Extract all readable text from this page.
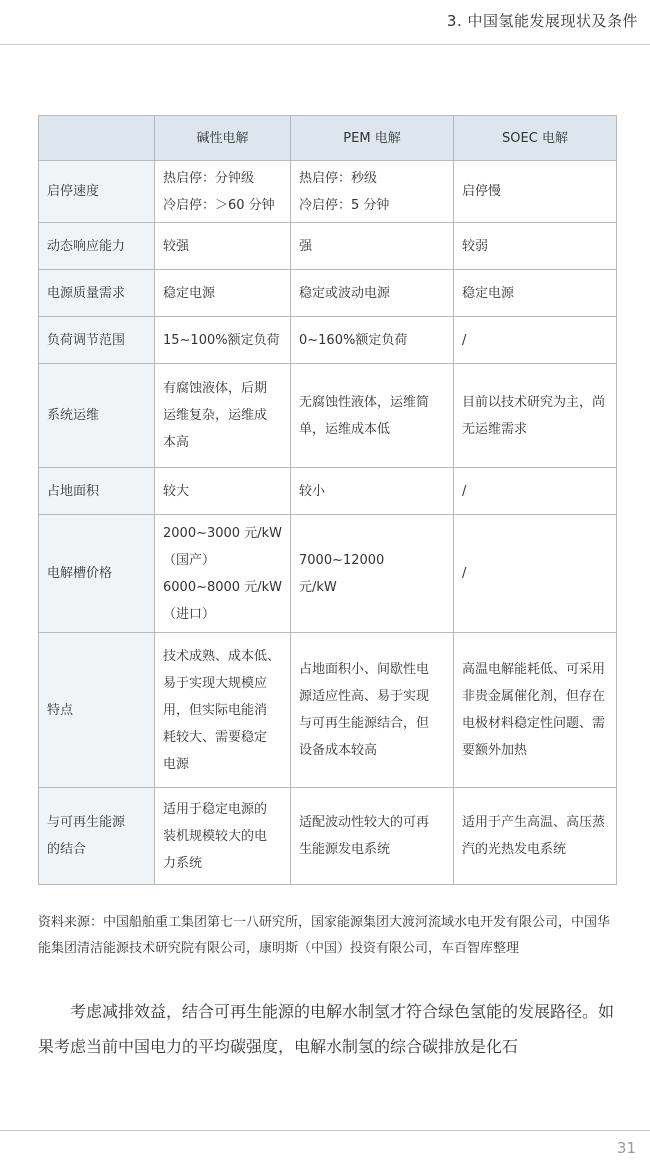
3. 中国氢能发展现状及条件
	碱性电解	PEM 电解	SOEC 电解

启停速度	热启停：分钟级
冷启停：＞60 分钟	热启停：秒级
冷启停：5 分钟	启停慢

动态响应能力	较强	强	较弱

电源质量需求	稳定电源	稳定或波动电源	稳定电源

负荷调节范围	15~100%额定负荷	0~160%额定负荷	/

系统运维	有腐蚀液体，后期
运维复杂，运维成
本高	无腐蚀性液体，运维简
单，运维成本低	目前以技术研究为主，尚
无运维需求

占地面积	较大	较小	/

电解槽价格	2000~3000 元/kW
（国产）
6000~8000 元/kW
（进口）	7000~12000
元/kW	/

特点	技术成熟、成本低、
易于实现大规模应
用，但实际电能消
耗较大、需要稳定
电源	占地面积小、间歇性电
源适应性高、易于实现
与可再生能源结合，但
设备成本较高	高温电解能耗低、可采用
非贵金属催化剂，但存在
电极材料稳定性问题、需
要额外加热

与可再生能源
的结合	适用于稳定电源的
装机规模较大的电
力系统	适配波动性较大的可再
生能源发电系统	适用于产生高温、高压蒸
汽的光热发电系统
资料来源：中国船舶重工集团第七一八研究所，国家能源集团大渡河流域水电开发有限公司，中国华能集团清洁能源技术研究院有限公司，康明斯（中国）投资有限公司，车百智库整理
考虑减排效益，结合可再生能源的电解水制氢才符合绿色氢能的发展路径。如果考虑当前中国电力的平均碳强度，电解水制氢的综合碳排放是化石
31
